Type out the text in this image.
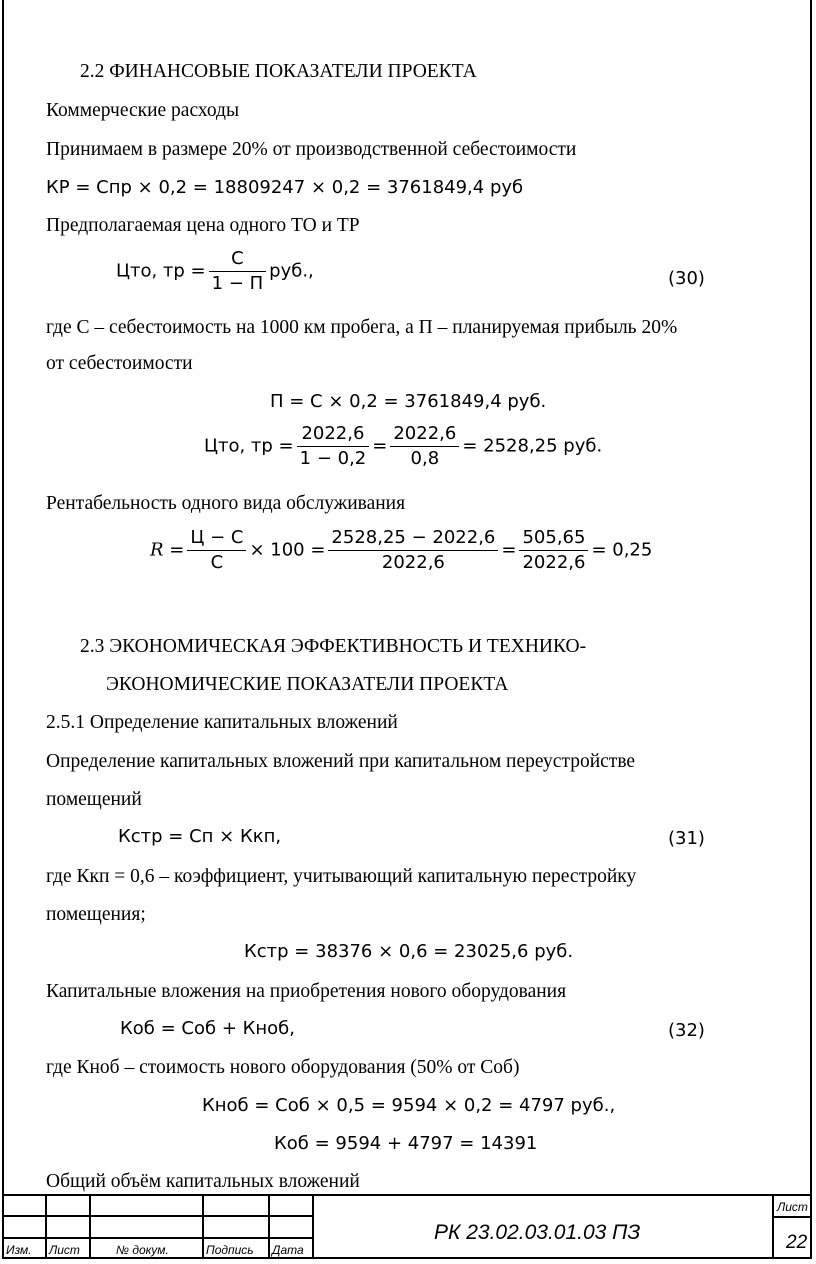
2.2 ФИНАНСОВЫЕ ПОКАЗАТЕЛИ ПРОЕКТА
Коммерческие расходы
Принимаем в размере 20% от производственной себестоимости
КР = Спр × 0,2 = 18809247 × 0,2 = 3761849,4 руб
Предполагаемая цена одного ТО и ТР
Цто, тр = $\frac{С}{1 - П}$ руб.,	(30)
где С – себестоимость на 1000 км пробега, а П – планируемая прибыль 20%
от себестоимости
П = С × 0,2 = 3761849,4 руб.
Цто, тр = $\frac{2022,6}{1 - 0,2} = \frac{2022,6}{0,8} = 2528,25$ руб.
Рентабельность одного вида обслуживания
$R = \frac{Ц - С}{С} \times 100 = \frac{2528,25 - 2022,6}{2022,6} = \frac{505,65}{2022,6} = 0,25$
2.3 ЭКОНОМИЧЕСКАЯ ЭФФЕКТИВНОСТЬ И ТЕХНИКО-
ЭКОНОМИЧЕСКИЕ ПОКАЗАТЕЛИ ПРОЕКТА
2.5.1 Определение капитальных вложений
Определение капитальных вложений при капитальном переустройстве
помещений
Кстр = Сп × Ккп,	(31)
где Ккп = 0,6 – коэффициент, учитывающий капитальную перестройку
помещения;
Кстр = 38376 × 0,6 = 23025,6 руб.
Капитальные вложения на приобретения нового оборудования
Коб = Соб + Кноб,	(32)
где Кноб – стоимость нового оборудования (50% от Соб)
Кноб = Соб × 0,5 = 9594 × 0,2 = 4797 руб.,
Коб = 9594 + 4797 = 14391
Общий объём капитальных вложений
Изм. Лист	№ докум.	Подпись Дата
РК 23.02.03.01.03 ПЗ
Лист
22
